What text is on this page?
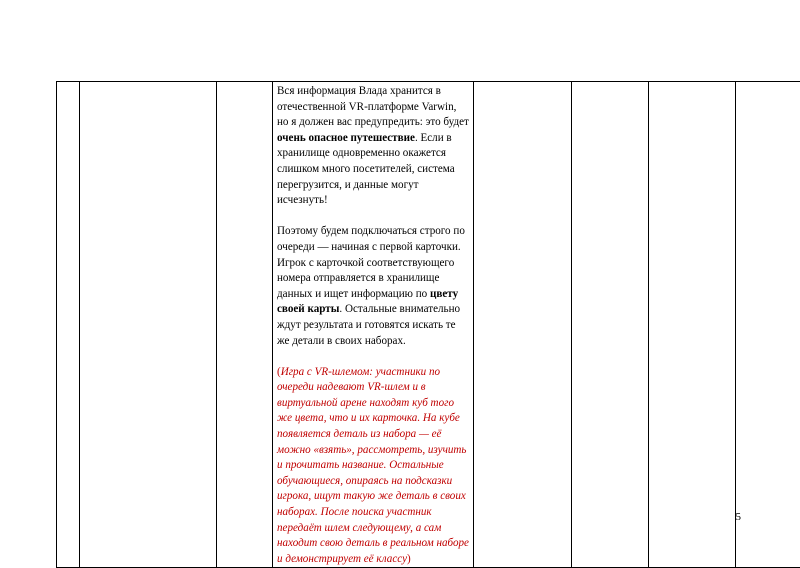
Вся информация Влада хранится в отечественной VR-платформе Varwin, но я должен вас предупредить: это будет очень опасное путешествие. Если в хранилище одновременно окажется слишком много посетителей, система перегрузится, и данные могут исчезнуть!

Поэтому будем подключаться строго по очереди — начиная с первой карточки. Игрок с карточкой соответствующего номера отправляется в хранилище данных и ищет информацию по цвету своей карты. Остальные внимательно ждут результата и готовятся искать те же детали в своих наборах.

(Игра с VR-шлемом: участники по очереди надевают VR-шлем и в виртуальной арене находят куб того же цвета, что и их карточка. На кубе появляется деталь из набора — её можно «взять», рассмотреть, изучить и прочитать название. Остальные обучающиеся, опираясь на подсказки игрока, ищут такую же деталь в своих наборах. После поиска участник передаёт шлем следующему, а сам находит свою деталь в реальном наборе и демонстрирует её классу)

5
